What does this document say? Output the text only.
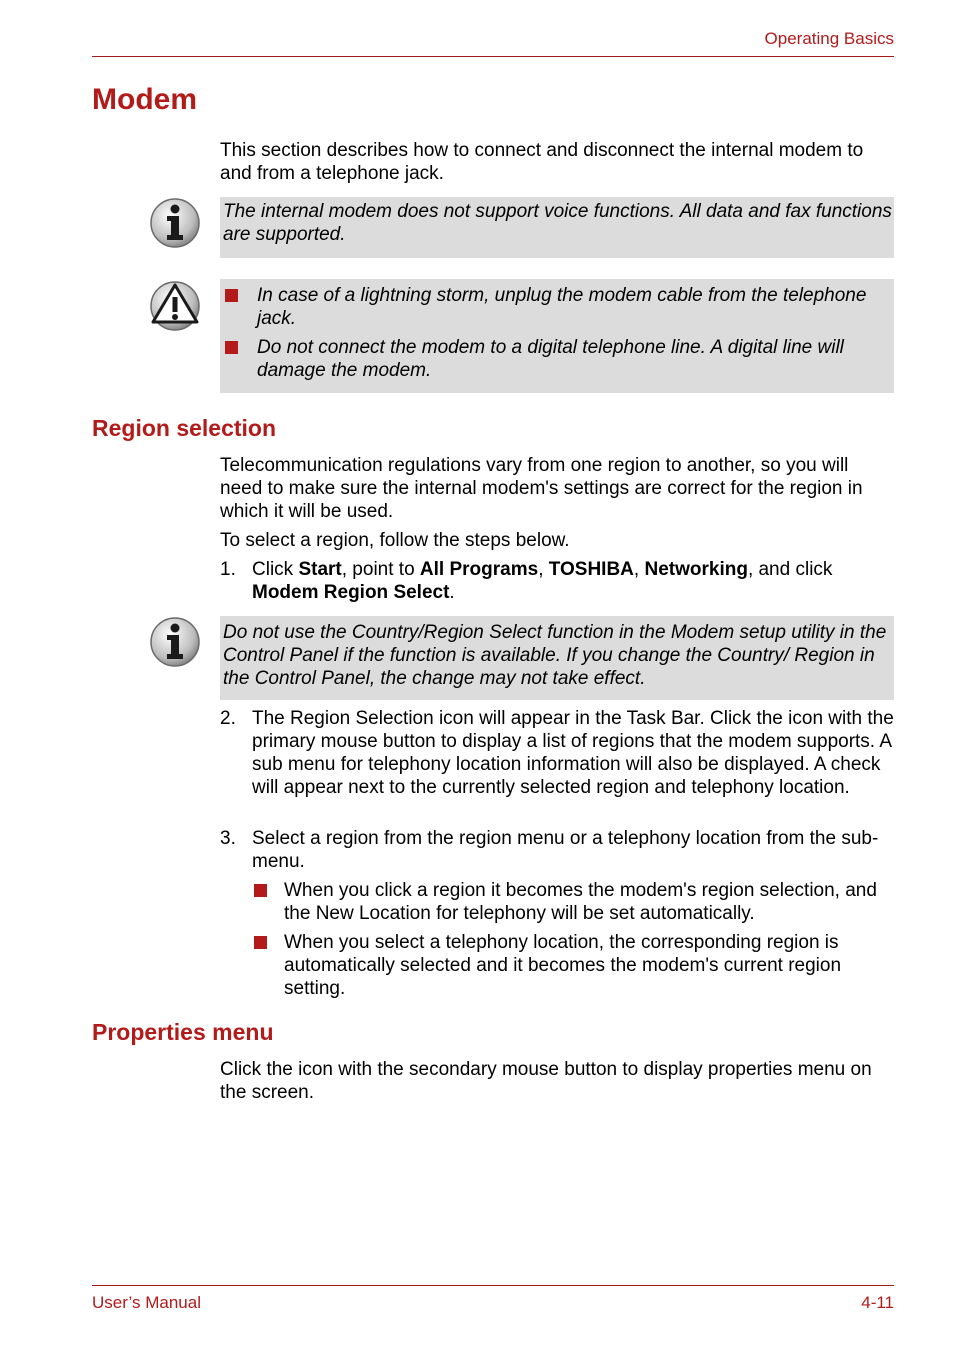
Operating Basics
Modem

This section describes how to connect and disconnect the internal modem to and from a telephone jack.

The internal modem does not support voice functions. All data and fax functions are supported.
In case of a lightning storm, unplug the modem cable from the telephone jack.
Do not connect the modem to a digital telephone line. A digital line will damage the modem.
Region selection

Telecommunication regulations vary from one region to another, so you will need to make sure the internal modem's settings are correct for the region in which it will be used.

To select a region, follow the steps below.

1. Click Start, point to All Programs, TOSHIBA, Networking, and click Modem Region Select.
Do not use the Country/Region Select function in the Modem setup utility in the Control Panel if the function is available. If you change the Country/ Region in the Control Panel, the change may not take effect.
2. The Region Selection icon will appear in the Task Bar. Click the icon with the primary mouse button to display a list of regions that the modem supports. A sub menu for telephony location information will also be displayed. A check will appear next to the currently selected region and telephony location.
3. Select a region from the region menu or a telephony location from the sub-menu.
When you click a region it becomes the modem's region selection, and the New Location for telephony will be set automatically.
When you select a telephony location, the corresponding region is automatically selected and it becomes the modem's current region setting.
Properties menu

Click the icon with the secondary mouse button to display properties menu on the screen.

User’s Manual	4-11
